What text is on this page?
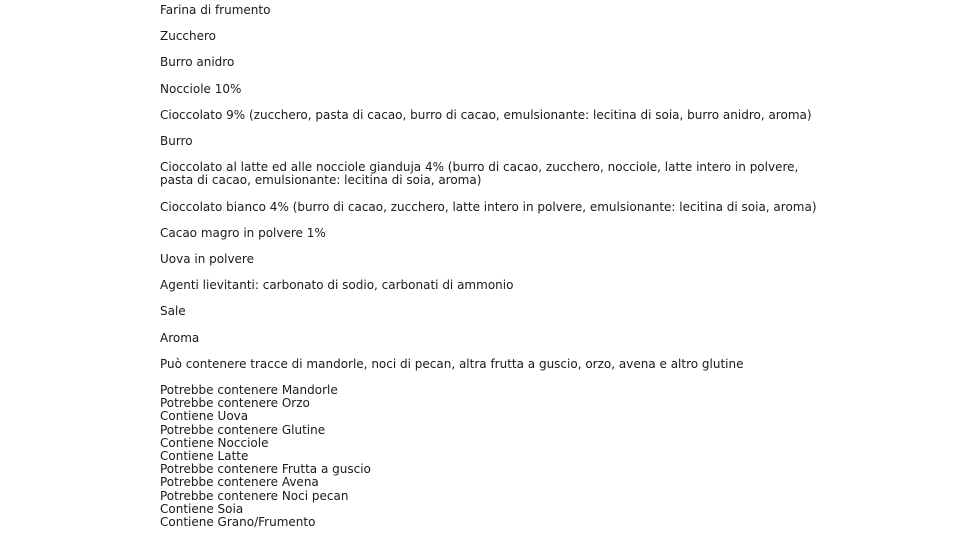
Farina di frumento

Zucchero

Burro anidro

Nocciole 10%

Cioccolato 9% (zucchero, pasta di cacao, burro di cacao, emulsionante: lecitina di soia, burro anidro, aroma)

Burro

Cioccolato al latte ed alle nocciole gianduja 4% (burro di cacao, zucchero, nocciole, latte intero in polvere, pasta di cacao, emulsionante: lecitina di soia, aroma)

Cioccolato bianco 4% (burro di cacao, zucchero, latte intero in polvere, emulsionante: lecitina di soia, aroma)

Cacao magro in polvere 1%

Uova in polvere

Agenti lievitanti: carbonato di sodio, carbonati di ammonio

Sale

Aroma

Può contenere tracce di mandorle, noci di pecan, altra frutta a guscio, orzo, avena e altro glutine

Potrebbe contenere Mandorle
Potrebbe contenere Orzo
Contiene Uova
Potrebbe contenere Glutine
Contiene Nocciole
Contiene Latte
Potrebbe contenere Frutta a guscio
Potrebbe contenere Avena
Potrebbe contenere Noci pecan
Contiene Soia
Contiene Grano/Frumento
